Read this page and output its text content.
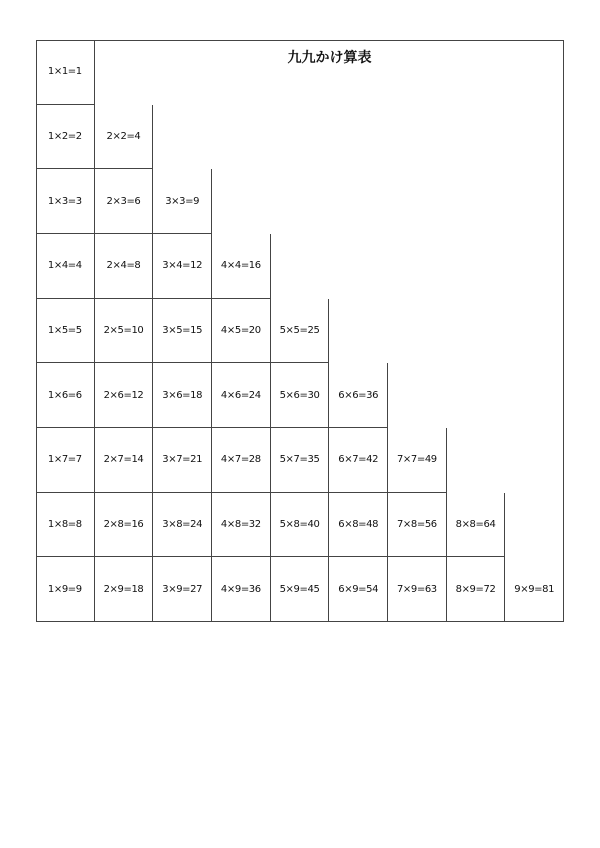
九九かけ算表
1×1=1
1×2=2	2×2=4
1×3=3	2×3=6	3×3=9
1×4=4	2×4=8	3×4=12	4×4=16
1×5=5	2×5=10	3×5=15	4×5=20	5×5=25
1×6=6	2×6=12	3×6=18	4×6=24	5×6=30	6×6=36
1×7=7	2×7=14	3×7=21	4×7=28	5×7=35	6×7=42	7×7=49
1×8=8	2×8=16	3×8=24	4×8=32	5×8=40	6×8=48	7×8=56	8×8=64
1×9=9	2×9=18	3×9=27	4×9=36	5×9=45	6×9=54	7×9=63	8×9=72	9×9=81
